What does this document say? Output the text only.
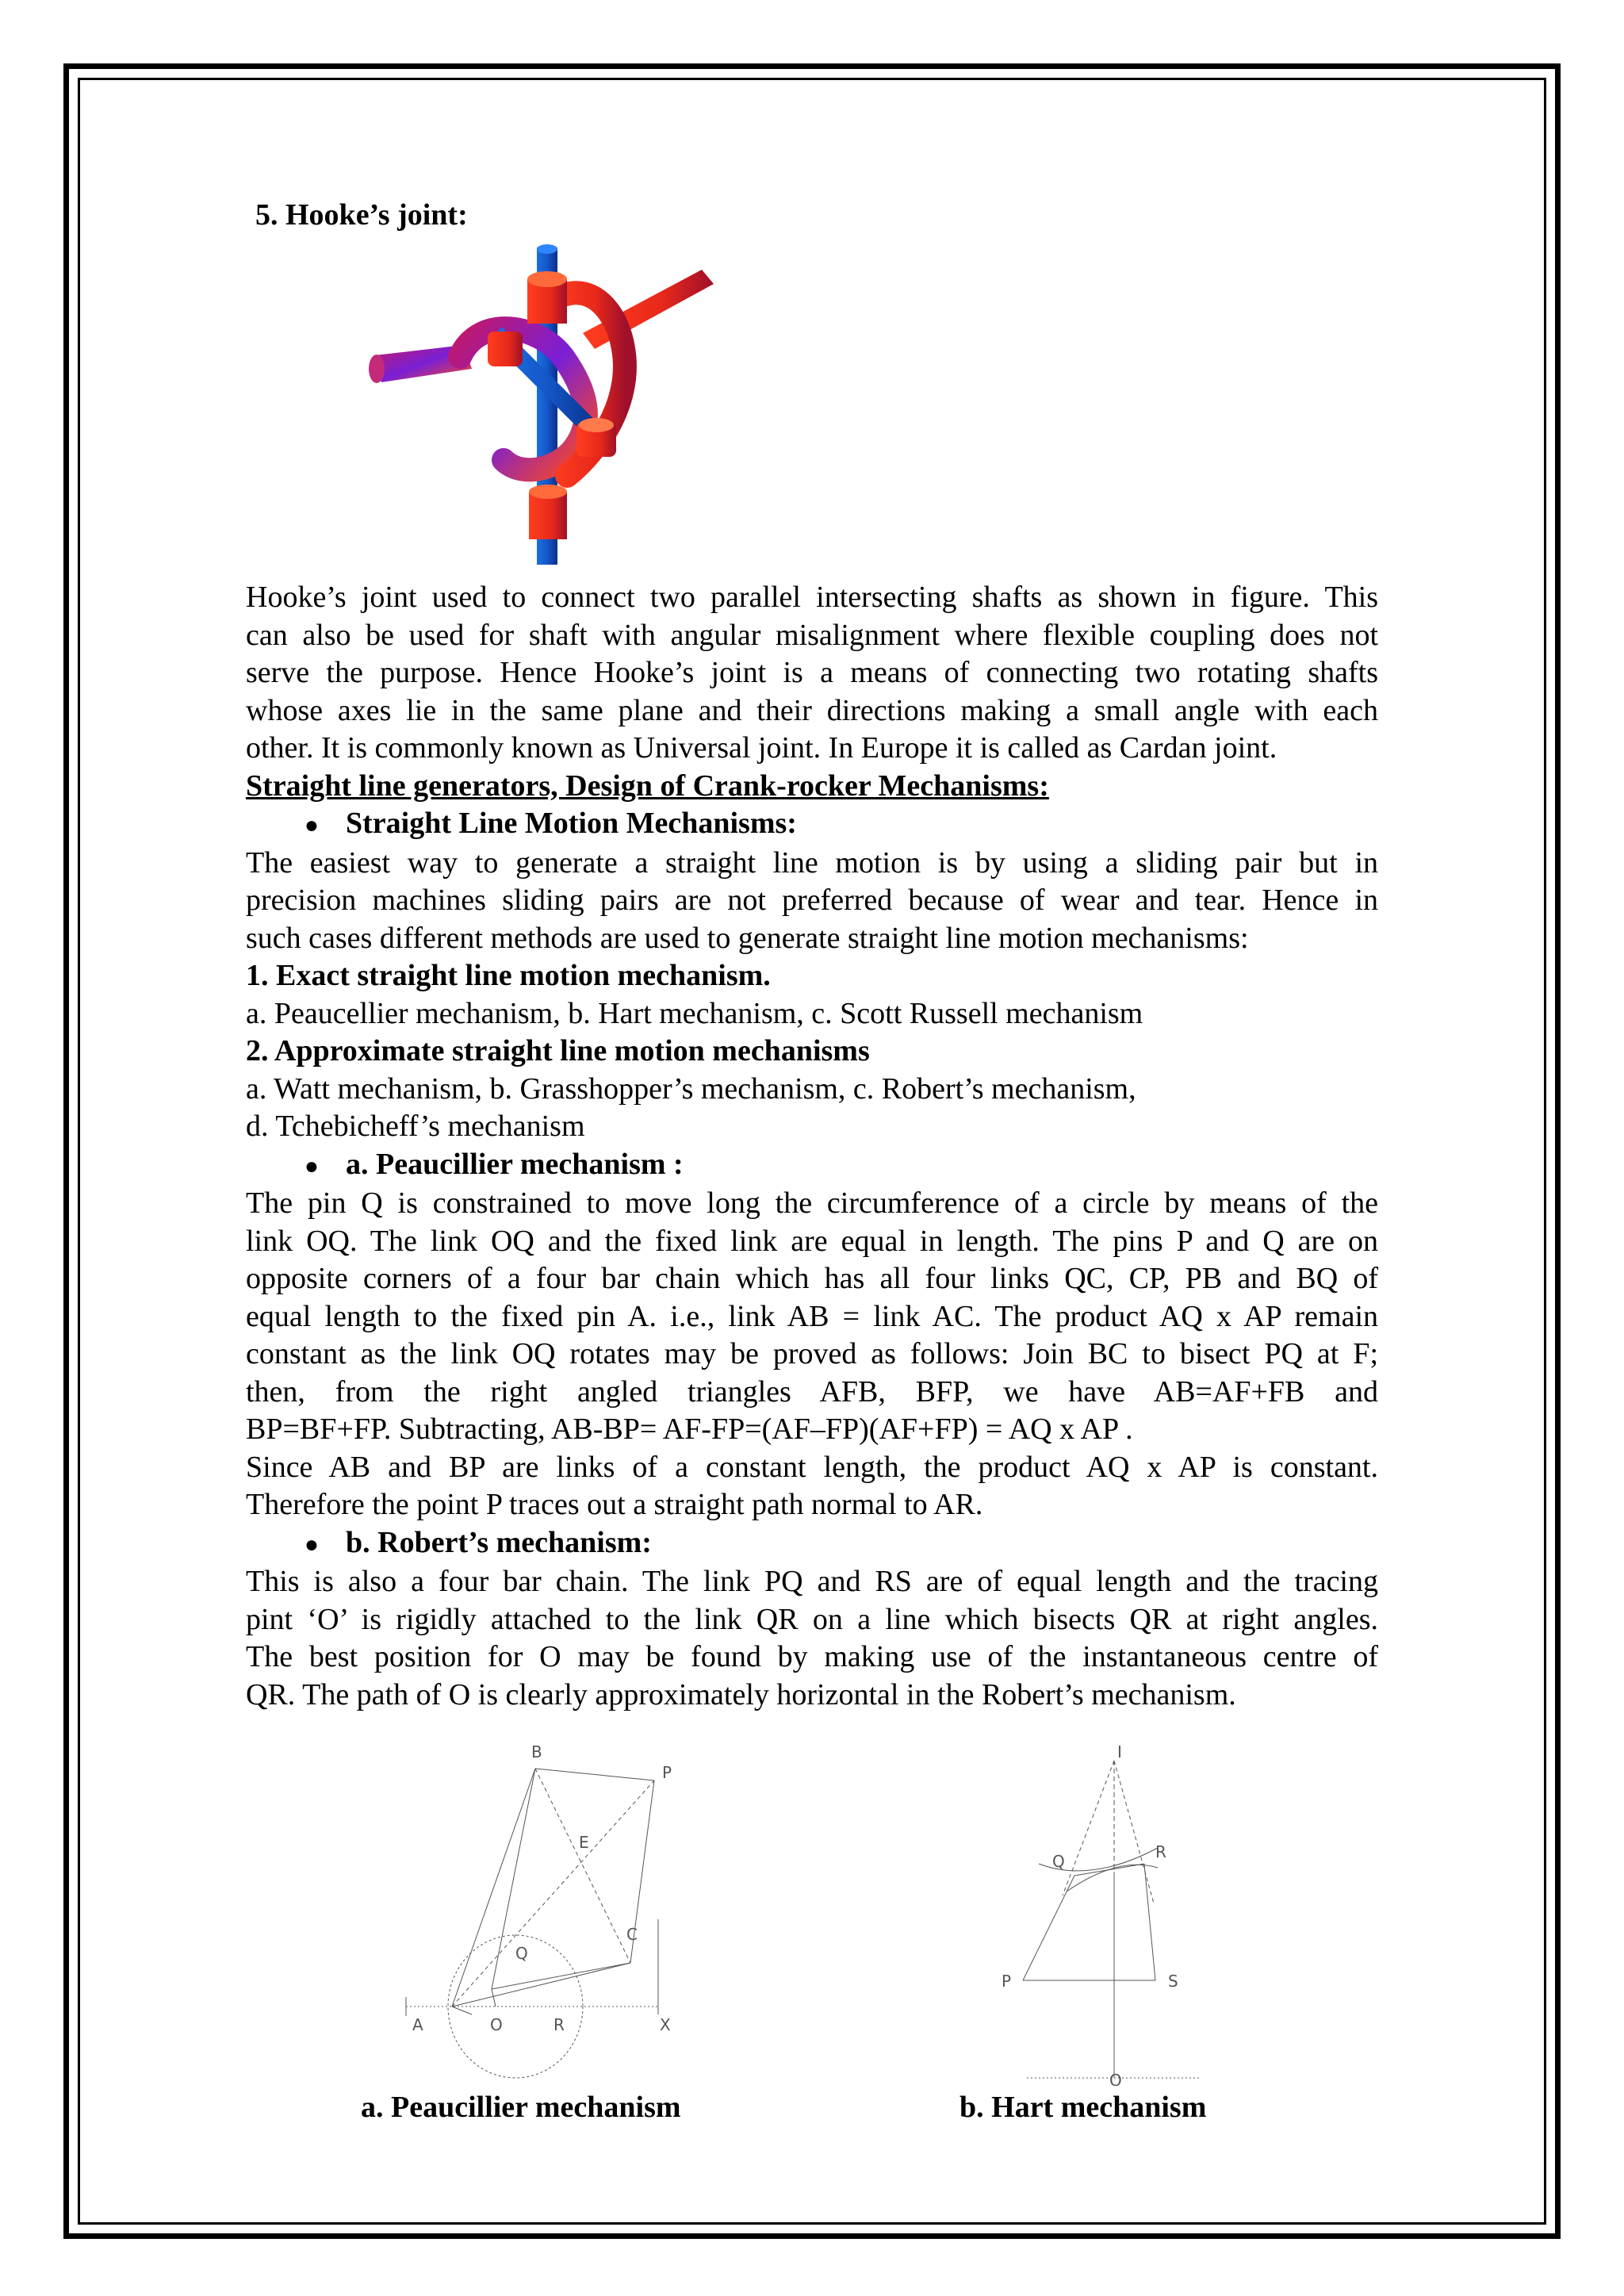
5. Hooke’s joint:

Hooke’s joint used to connect two parallel intersecting shafts as shown in figure. This

can also be used for shaft with angular misalignment where flexible coupling does not

serve the purpose. Hence Hooke’s joint is a means of connecting two rotating shafts

whose axes lie in the same plane and their directions making a small angle with each

other. It is commonly known as Universal joint. In Europe it is called as Cardan joint.

Straight line generators, Design of Crank-rocker Mechanisms:

● Straight Line Motion Mechanisms:

The easiest way to generate a straight line motion is by using a sliding pair but in

precision machines sliding pairs are not preferred because of wear and tear. Hence in

such cases different methods are used to generate straight line motion mechanisms:

1. Exact straight line motion mechanism.

a. Peaucellier mechanism, b. Hart mechanism, c. Scott Russell mechanism

2. Approximate straight line motion mechanisms

a. Watt mechanism, b. Grasshopper’s mechanism, c. Robert’s mechanism,

d. Tchebicheff’s mechanism

● a. Peaucillier mechanism :

The pin Q is constrained to move long the circumference of a circle by means of the

link OQ. The link OQ and the fixed link are equal in length. The pins P and Q are on

opposite corners of a four bar chain which has all four links QC, CP, PB and BQ of

equal length to the fixed pin A. i.e., link AB = link AC. The product AQ x AP remain

constant as the link OQ rotates may be proved as follows: Join BC to bisect PQ at F;

then, from the right angled triangles AFB, BFP, we have AB=AF+FB and

BP=BF+FP. Subtracting, AB-BP= AF-FP=(AF–FP)(AF+FP) = AQ x AP .

Since AB and BP are links of a constant length, the product AQ x AP is constant.

Therefore the point P traces out a straight path normal to AR.

● b. Robert’s mechanism:

This is also a four bar chain. The link PQ and RS are of equal length and the tracing

pint ‘O’ is rigidly attached to the link QR on a line which bisects QR at right angles.

The best position for O may be found by making use of the instantaneous centre of

QR. The path of O is clearly approximately horizontal in the Robert’s mechanism.

B
P
E
Q
C
A	O	R	X
I
Q	R
P	S
O
a. Peaucillier mechanism	b. Hart mechanism
